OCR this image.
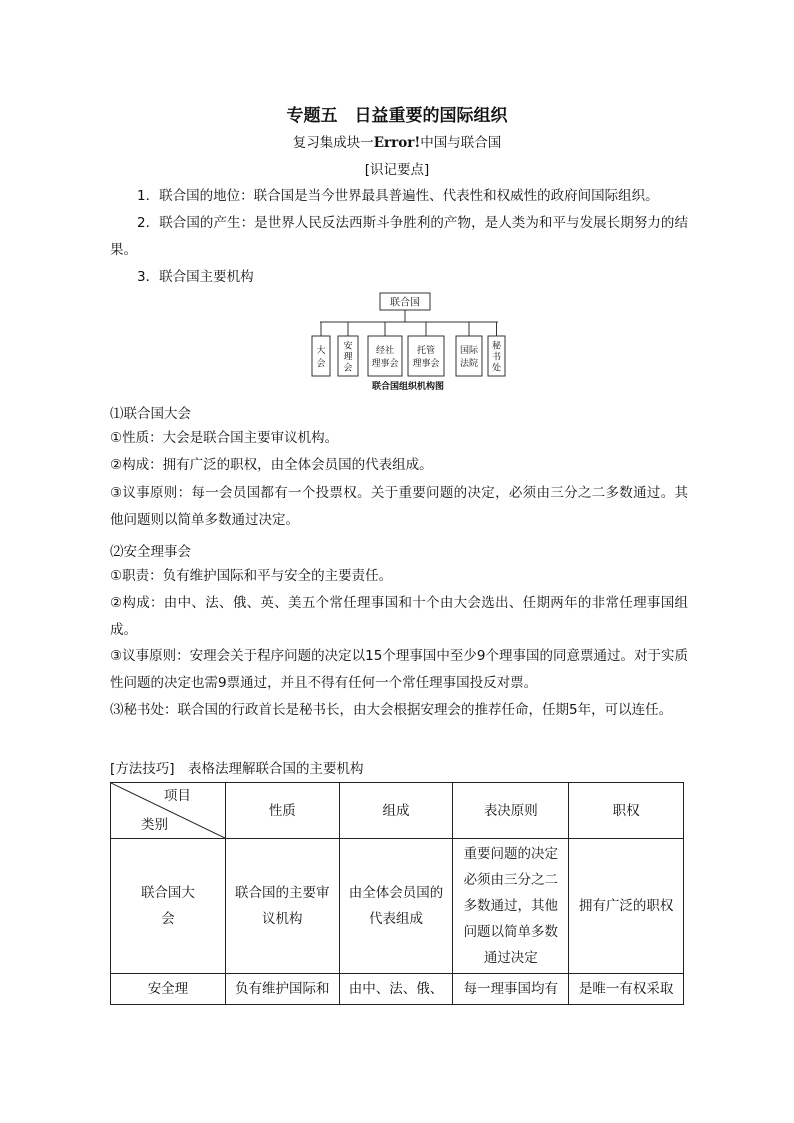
专题五　日益重要的国际组织
复习集成块一Error!中国与联合国
[识记要点]
1．联合国的地位：联合国是当今世界最具普遍性、代表性和权威性的政府间国际组织。
2．联合国的产生：是世界人民反法西斯斗争胜利的产物，是人类为和平与发展长期努力的结果。
3．联合国主要机构
联合国
大会
安理会
经社理事会
托管理事会
国际法院
秘书处
联合国组织机构图
⑴联合国大会
①性质：大会是联合国主要审议机构。
②构成：拥有广泛的职权，由全体会员国的代表组成。
③议事原则：每一会员国都有一个投票权。关于重要问题的决定，必须由三分之二多数通过。其他问题则以简单多数通过决定。
⑵安全理事会
①职责：负有维护国际和平与安全的主要责任。
②构成：由中、法、俄、英、美五个常任理事国和十个由大会选出、任期两年的非常任理事国组成。
③议事原则：安理会关于程序问题的决定以15个理事国中至少9个理事国的同意票通过。对于实质性问题的决定也需9票通过，并且不得有任何一个常任理事国投反对票。
⑶秘书处：联合国的行政首长是秘书长，由大会根据安理会的推荐任命，任期5年，可以连任。
[方法技巧]　表格法理解联合国的主要机构
项目
类别	性质	组成	表决原则	职权
联合国大会	联合国的主要审议机构	由全体会员国的代表组成	重要问题的决定必须由三分之二多数通过，其他问题以简单多数通过决定	拥有广泛的职权
安全理	负有维护国际和	由中、法、俄、	每一理事国均有	是唯一有权采取
